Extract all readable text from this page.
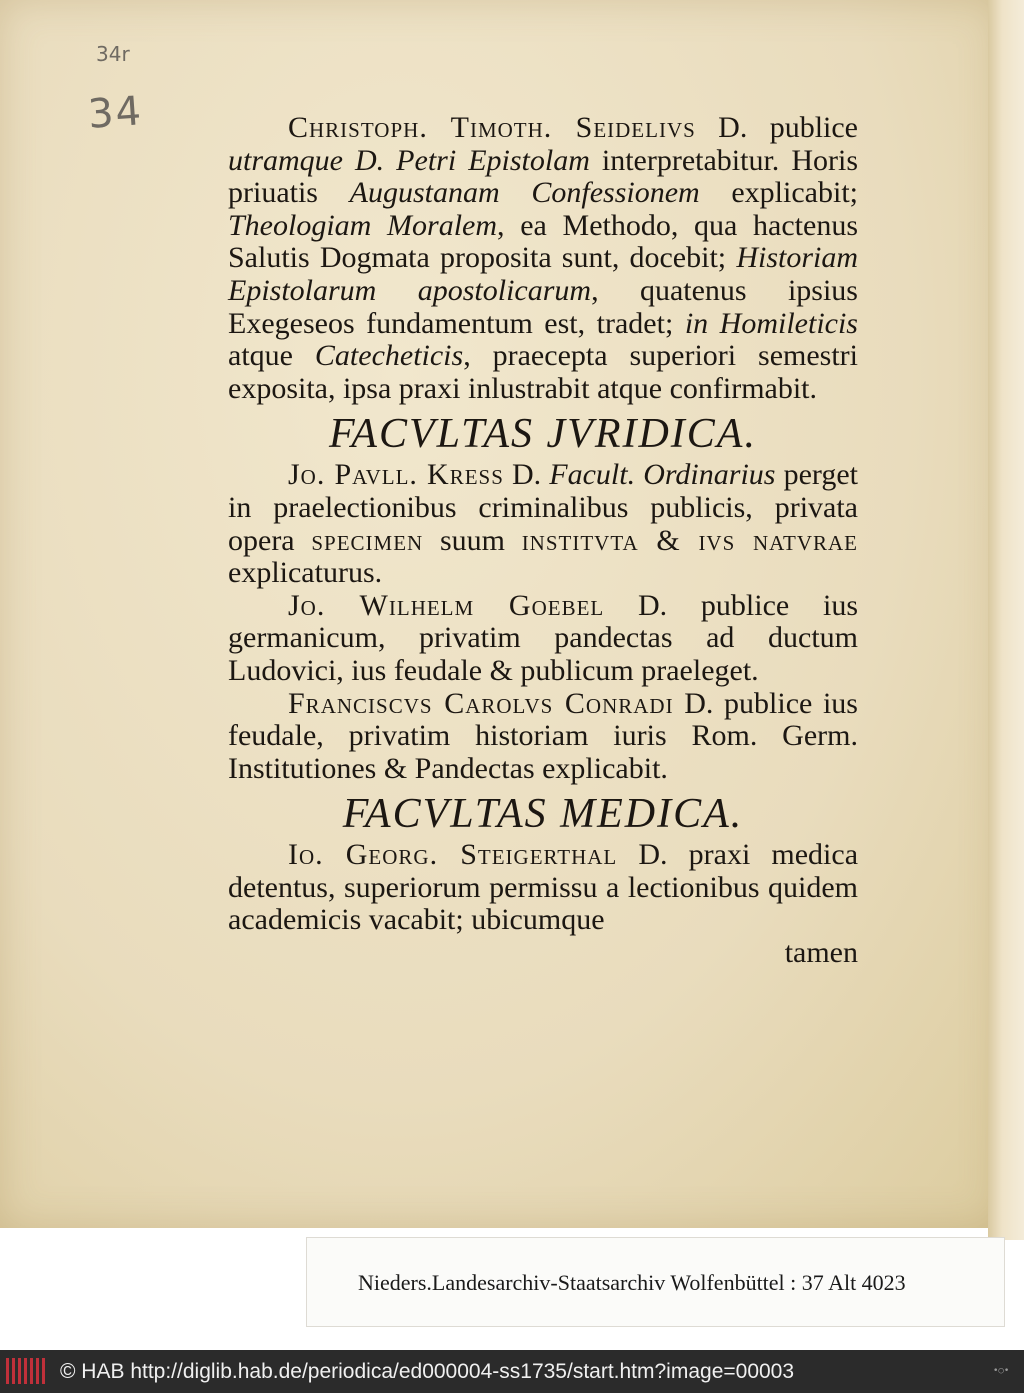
34r
34	Christoph. Timoth. Seidelivs D. publice utramque D. Petri Epistolam interpretabitur. Horis priuatis Augustanam Confessionem explicabit; Theologiam Moralem, ea Methodo, qua hactenus Salutis Dogmata proposita sunt, docebit; Historiam Epistolarum apostolicarum, quatenus ipsius Exegeseos fundamentum est, tradet; in Homileticis atque Catecheticis, praecepta superiori semestri exposita, ipsa praxi inlustrabit atque confirmabit.

FACVLTAS JVRIDICA.

Jo. Pavll. Kress D. Facult. Ordinarius perget in praelectionibus criminalibus publicis, privata opera specimen suum institvta & ivs natvrae explicaturus.

Jo. Wilhelm Goebel D. publice ius germanicum, privatim pandectas ad ductum Ludovici, ius feudale & publicum praeleget.

Franciscvs Carolvs Conradi D. publice ius feudale, privatim historiam iuris Rom. Germ. Institutiones & Pandectas explicabit.

FACVLTAS MEDICA.

Io. Georg. Steigerthal D. praxi medica detentus, superiorum permissu a lectionibus quidem academicis vacabit; ubicumque

tamen

Nieders.Landesarchiv-Staatsarchiv Wolfenbüttel : 37 Alt 4023
© HAB http://diglib.hab.de/periodica/ed000004-ss1735/start.htm?image=00003	•○•
